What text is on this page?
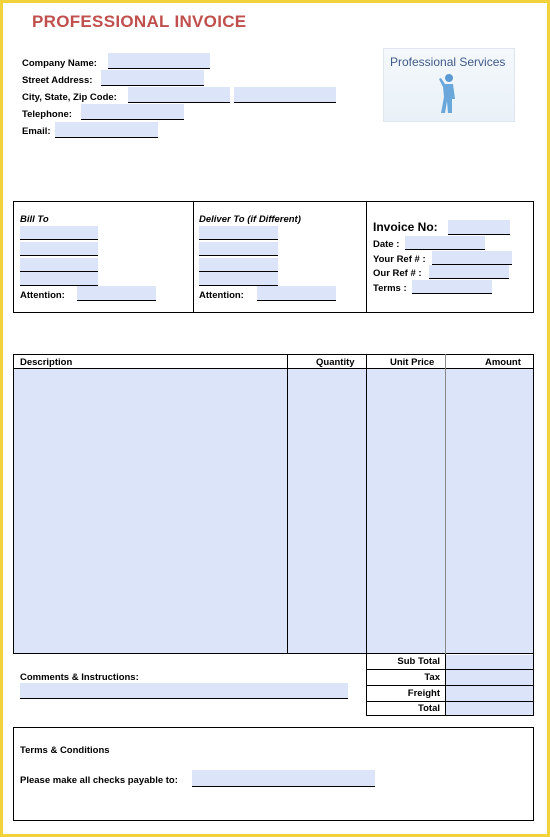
PROFESSIONAL INVOICE
Company Name:
Street Address:
City, State, Zip Code:
Telephone:
Email:
Professional Services
Bill To
Attention:
Deliver To (if Different)
Attention:
Invoice No:
Date :
Your Ref # :
Our Ref # :
Terms :
Description	Quantity	Unit Price	Amount
Sub Total
Tax
Freight
Total
Comments & Instructions:
Terms & Conditions
Please make all checks payable to:
